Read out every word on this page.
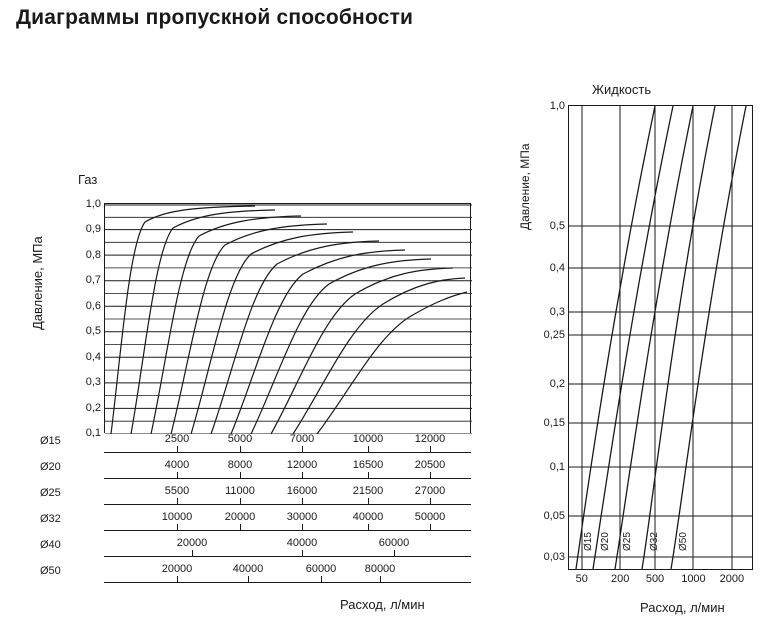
Диаграммы пропускной способности
Газ
Давление, МПа
0,1
0,2
0,3
0,4
0,5
0,6
0,7
0,8
0,9
1,0
Ø15	2500	5000	7000	10000	12000
Ø20	4000	8000	12000	16500	20500
Ø25	5500	11000	16000	21500	27000
Ø32	10000	20000	30000	40000	50000
Ø40	20000	40000	60000
Ø50	20000	40000	60000	80000
Расход, л/мин
Жидкость
Давление, МПа
1,0
0,5
0,4
0,3
0,25
0,2
0,15
0,1
0,05
0,03
50 200 500 1000 2000
Ø15 Ø20 Ø25 Ø32 Ø50
Расход, л/мин
